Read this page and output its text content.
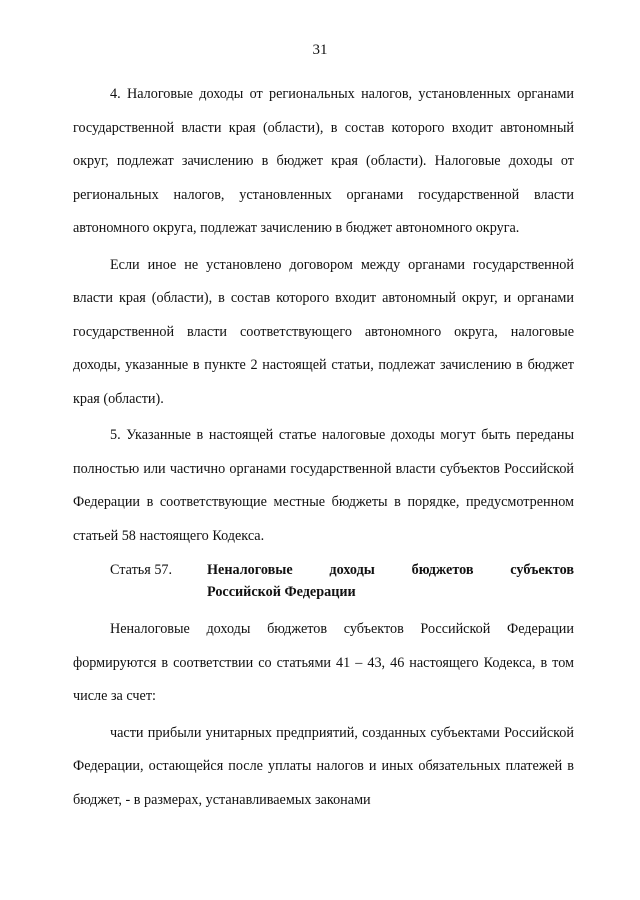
31

4. Налоговые доходы от региональных налогов, установленных органами государственной власти края (области), в состав которого входит автономный округ, подлежат зачислению в бюджет края (области). Налоговые доходы от региональных налогов, установленных органами государственной власти автономного округа, подлежат зачислению в бюджет автономного округа.

Если иное не установлено договором между органами государственной власти края (области), в состав которого входит автономный округ, и органами государственной власти соответствующего автономного округа, налоговые доходы, указанные в пункте 2 настоящей статьи, подлежат зачислению в бюджет края (области).

5. Указанные в настоящей статье налоговые доходы могут быть переданы полностью или частично органами государственной власти субъектов Российской Федерации в соответствующие местные бюджеты в порядке, предусмотренном статьей 58 настоящего Кодекса.

Статья 57.	Неналоговые доходы бюджетов субъектов
Российской Федерации

Неналоговые доходы бюджетов субъектов Российской Федерации формируются в соответствии со статьями 41 – 43, 46 настоящего Кодекса, в том числе за счет:

части прибыли унитарных предприятий, созданных субъектами Российской Федерации, остающейся после уплаты налогов и иных обязательных платежей в бюджет, - в размерах, устанавливаемых законами
